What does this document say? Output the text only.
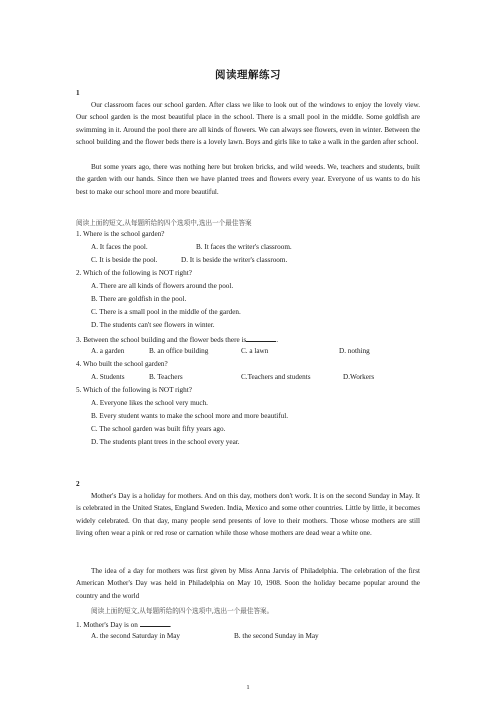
阅读理解练习
1

Our classroom faces our school garden. After class we like to look out of the windows to enjoy the lovely view. Our school garden is the most beautiful place in the school. There is a small pool in the middle. Some goldfish are swimming in it. Around the pool there are all kinds of flowers. We can always see flowers, even in winter. Between the school building and the flower beds there is a lovely lawn. Boys and girls like to take a walk in the garden after school.

But some years ago, there was nothing here but broken bricks, and wild weeds. We, teachers and students, built the garden with our hands. Since then we have planted trees and flowers every year. Everyone of us wants to do his best to make our school more and more beautiful.

阅读上面的短文,从每题所给的四个选项中,选出一个最佳答案
1. Where is the school garden?
A. It faces the pool.	B. It faces the writer's classroom.
C. It is beside the pool.	D. It is beside the writer's classroom.
2. Which of the following is NOT right?
A. There are all kinds of flowers around the pool.
B. There are goldfish in the pool.
C. There is a small pool in the middle of the garden.
D. The students can't see flowers in winter.
3. Between the school building and the flower beds there is	.
A. a garden	B. an office building	C. a lawn	D. nothing
4. Who built the school garden?
A. Students	B. Teachers	C.Teachers and students	D.Workers
5. Which of the following is NOT right?
A. Everyone likes the school very much.
B. Every student wants to make the school more and more beautiful.
C. The school garden was built fifty years ago.
D. The students plant trees in the school every year.
2

Mother's Day is a holiday for mothers. And on this day, mothers don't work. It is on the second Sunday in May. It is celebrated in the United States, England Sweden. India, Mexico and some other countries. Little by little, it becomes widely celebrated. On that day, many people send presents of love to their mothers. Those whose mothers are still living often wear a pink or red rose or carnation while those whose mothers are dead wear a white one.

The idea of a day for mothers was first given by Miss Anna Jarvis of Philadelphia. The celebration of the first American Mother's Day was held in Philadelphia on May 10, 1908. Soon the holiday became popular around the country and the world

阅读上面的短文,从每题所给的四个选项中,选出一个最佳答案。
1. Mother's Day is on	.
A. the second Saturday in May	B. the second Sunday in May
1
